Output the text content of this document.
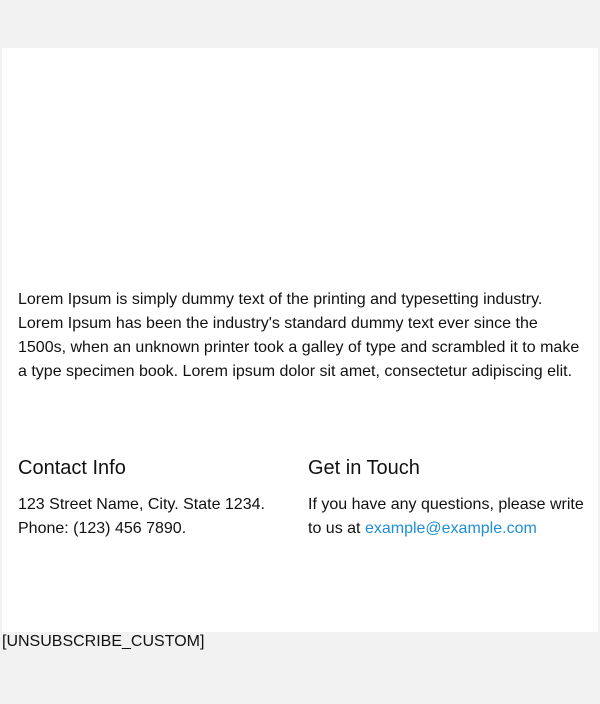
Lorem Ipsum is simply dummy text of the printing and typesetting industry. Lorem Ipsum has been the industry's standard dummy text ever since the 1500s, when an unknown printer took a galley of type and scrambled it to make a type specimen book. Lorem ipsum dolor sit amet, consectetur adipiscing elit.

Contact Info

123 Street Name, City. State 1234.
Phone: (123) 456 7890.

Get in Touch

If you have any questions, please write to us at example@example.com

[UNSUBSCRIBE_CUSTOM]
